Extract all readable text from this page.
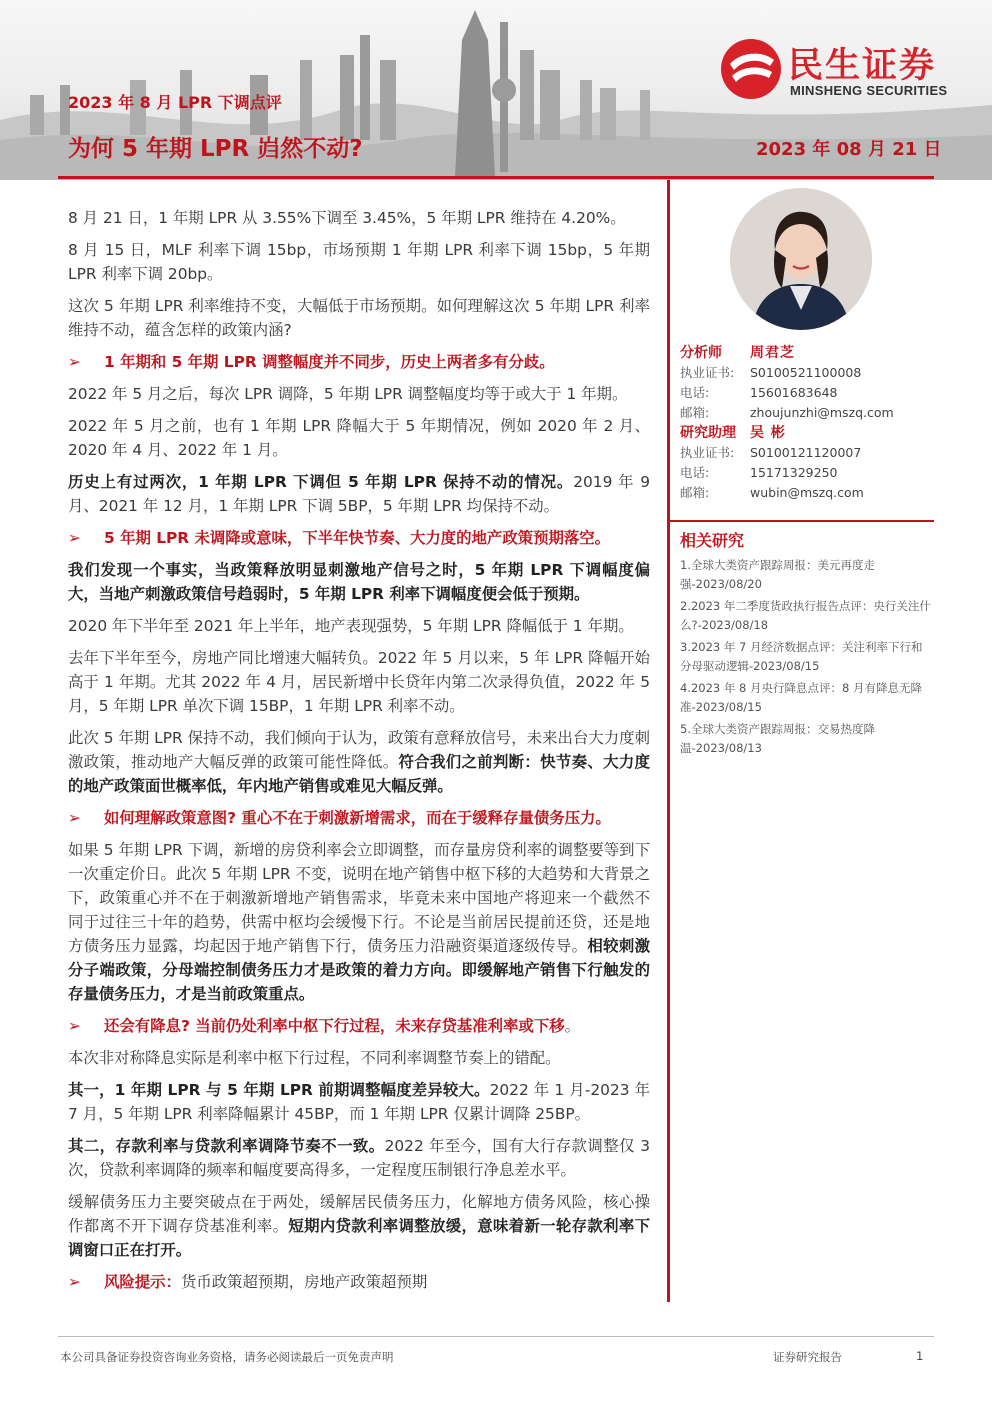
民生证券
MINSHENG SECURITIES
2023 年 8 月 LPR 下调点评
为何 5 年期 LPR 岿然不动?	2023 年 08 月 21 日

8 月 21 日，1 年期 LPR 从 3.55%下调至 3.45%，5 年期 LPR 维持在 4.20%。

8 月 15 日，MLF 利率下调 15bp，市场预期 1 年期 LPR 利率下调 15bp，5 年期 LPR 利率下调 20bp。

这次 5 年期 LPR 利率维持不变，大幅低于市场预期。如何理解这次 5 年期 LPR 利率维持不动，蕴含怎样的政策内涵?

➢ 1 年期和 5 年期 LPR 调整幅度并不同步，历史上两者多有分歧。

2022 年 5 月之后，每次 LPR 调降，5 年期 LPR 调整幅度均等于或大于 1 年期。

2022 年 5 月之前，也有 1 年期 LPR 降幅大于 5 年期情况，例如 2020 年 2 月、2020 年 4 月、2022 年 1 月。

历史上有过两次，1 年期 LPR 下调但 5 年期 LPR 保持不动的情况。2019 年 9 月、2021 年 12 月，1 年期 LPR 下调 5BP，5 年期 LPR 均保持不动。

➢ 5 年期 LPR 未调降或意味，下半年快节奏、大力度的地产政策预期落空。

我们发现一个事实，当政策释放明显刺激地产信号之时，5 年期 LPR 下调幅度偏大，当地产刺激政策信号趋弱时，5 年期 LPR 利率下调幅度便会低于预期。

2020 年下半年至 2021 年上半年，地产表现强势，5 年期 LPR 降幅低于 1 年期。

去年下半年至今，房地产同比增速大幅转负。2022 年 5 月以来，5 年 LPR 降幅开始高于 1 年期。尤其 2022 年 4 月，居民新增中长贷年内第二次录得负值，2022 年 5 月，5 年期 LPR 单次下调 15BP，1 年期 LPR 利率不动。

此次 5 年期 LPR 保持不动，我们倾向于认为，政策有意释放信号，未来出台大力度刺激政策，推动地产大幅反弹的政策可能性降低。符合我们之前判断：快节奏、大力度的地产政策面世概率低，年内地产销售或难见大幅反弹。

➢ 如何理解政策意图? 重心不在于刺激新增需求，而在于缓释存量债务压力。

如果 5 年期 LPR 下调，新增的房贷利率会立即调整，而存量房贷利率的调整要等到下一次重定价日。此次 5 年期 LPR 不变，说明在地产销售中枢下移的大趋势和大背景之下，政策重心并不在于刺激新增地产销售需求，毕竟未来中国地产将迎来一个截然不同于过往三十年的趋势，供需中枢均会缓慢下行。不论是当前居民提前还贷，还是地方债务压力显露，均起因于地产销售下行，债务压力沿融资渠道逐级传导。相较刺激分子端政策，分母端控制债务压力才是政策的着力方向。即缓解地产销售下行触发的存量债务压力，才是当前政策重点。

➢ 还会有降息? 当前仍处利率中枢下行过程，未来存贷基准利率或下移。

本次非对称降息实际是利率中枢下行过程，不同利率调整节奏上的错配。

其一，1 年期 LPR 与 5 年期 LPR 前期调整幅度差异较大。2022 年 1 月-2023 年 7 月，5 年期 LPR 利率降幅累计 45BP，而 1 年期 LPR 仅累计调降 25BP。

其二，存款利率与贷款利率调降节奏不一致。2022 年至今，国有大行存款调整仅 3 次，贷款利率调降的频率和幅度要高得多，一定程度压制银行净息差水平。

缓解债务压力主要突破点在于两处，缓解居民债务压力，化解地方债务风险，核心操作都离不开下调存贷基准利率。短期内贷款利率调整放缓，意味着新一轮存款利率下调窗口正在打开。

➢ 风险提示：货币政策超预期，房地产政策超预期

分析师	周君芝
执业证书:	S0100521100008
电话:	15601683648
邮箱:	zhoujunzhi@mszq.com
研究助理	吴 彬
执业证书:	S0100121120007
电话:	15171329250
邮箱:	wubin@mszq.com
相关研究
1.全球大类资产跟踪周报：美元再度走强-2023/08/20
2.2023 年二季度货政执行报告点评：央行关注什么?-2023/08/18
3.2023 年 7 月经济数据点评：关注利率下行和分母驱动逻辑-2023/08/15
4.2023 年 8 月央行降息点评：8 月有降息无降准-2023/08/15
5.全球大类资产跟踪周报：交易热度降温-2023/08/13
本公司具备证券投资咨询业务资格，请务必阅读最后一页免责声明	证券研究报告	1
